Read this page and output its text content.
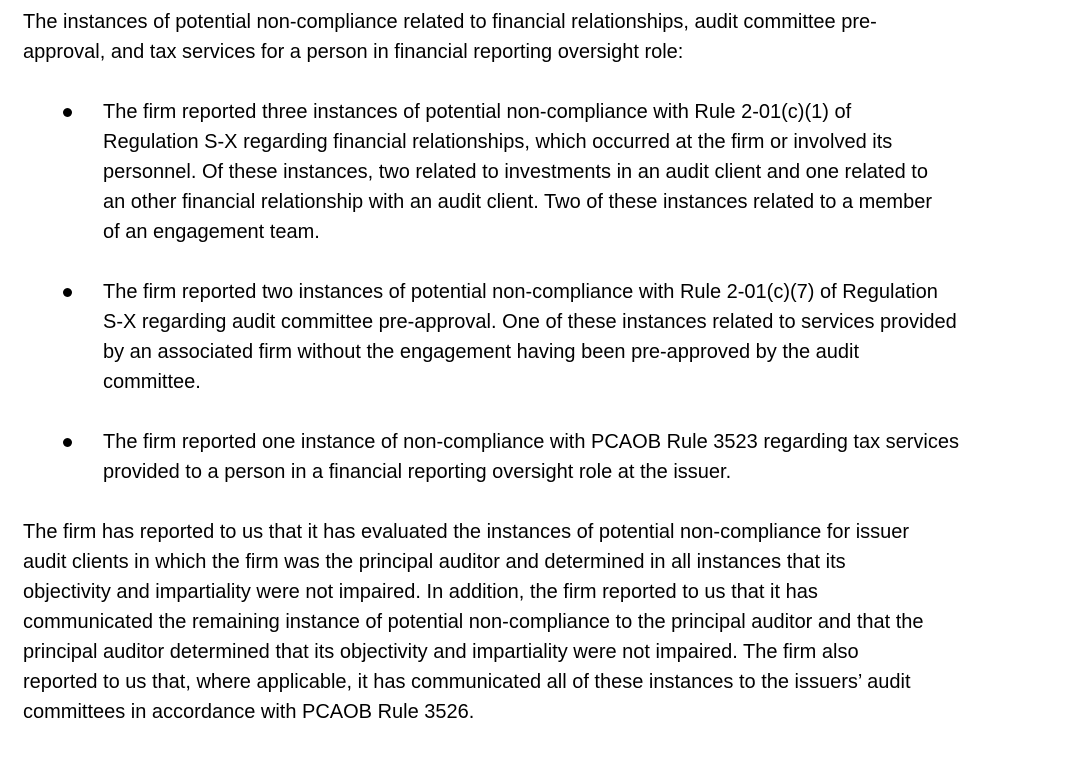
The instances of potential non-compliance related to financial relationships, audit committee pre-
approval, and tax services for a person in financial reporting oversight role:

The firm reported three instances of potential non-compliance with Rule 2-01(c)(1) of
Regulation S-X regarding financial relationships, which occurred at the firm or involved its
personnel. Of these instances, two related to investments in an audit client and one related to
an other financial relationship with an audit client. Two of these instances related to a member
of an engagement team.

The firm reported two instances of potential non-compliance with Rule 2-01(c)(7) of Regulation
S-X regarding audit committee pre-approval. One of these instances related to services provided
by an associated firm without the engagement having been pre-approved by the audit
committee.

The firm reported one instance of non-compliance with PCAOB Rule 3523 regarding tax services
provided to a person in a financial reporting oversight role at the issuer.

The firm has reported to us that it has evaluated the instances of potential non-compliance for issuer
audit clients in which the firm was the principal auditor and determined in all instances that its
objectivity and impartiality were not impaired. In addition, the firm reported to us that it has
communicated the remaining instance of potential non-compliance to the principal auditor and that the
principal auditor determined that its objectivity and impartiality were not impaired. The firm also
reported to us that, where applicable, it has communicated all of these instances to the issuers’ audit
committees in accordance with PCAOB Rule 3526.
